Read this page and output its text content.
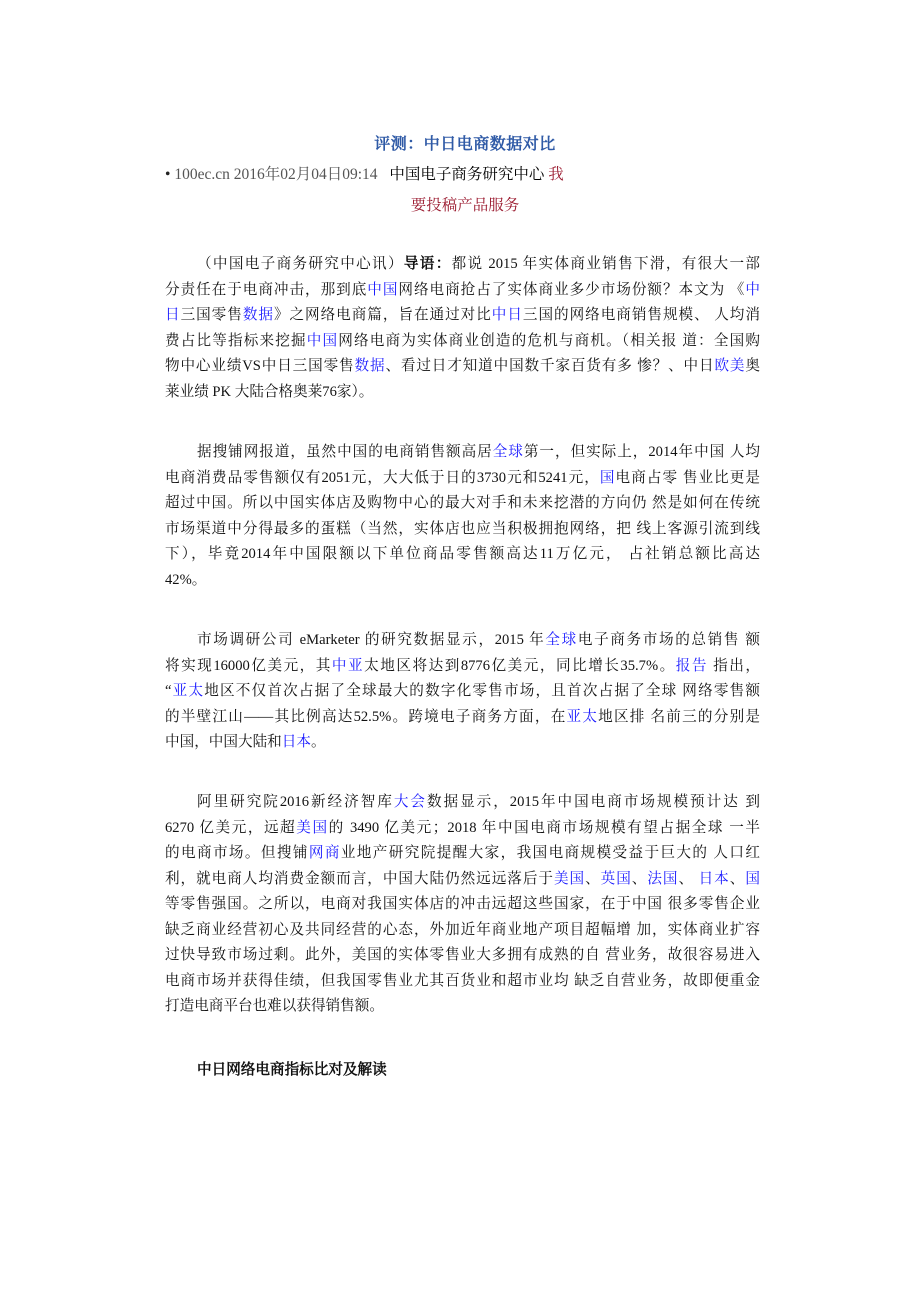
评测：中日电商数据对比
• 100ec.cn 2016年02月04日09:14 中国电子商务研究中心 我
要投稿产品服务
（中国电子商务研究中心讯）导语：都说 2015 年实体商业销售下滑，有很大一部
分责任在于电商冲击，那到底中国网络电商抢占了实体商业多少市场份额？本文为 《中
日三国零售数据》之网络电商篇，旨在通过对比中日三国的网络电商销售规模、 人均消
费占比等指标来挖掘中国网络电商为实体商业创造的危机与商机。（相关报 道：全国购
物中心业绩VS中日三国零售数据、看过日才知道中国数千家百货有多 惨？、中日欧美奥
莱业绩 PK 大陆合格奥莱76家）。
据搜铺网报道，虽然中国的电商销售额高居全球第一，但实际上，2014年中国 人均
电商消费品零售额仅有2051元，大大低于日的3730元和5241元，国电商占零 售业比更是
超过中国。所以中国实体店及购物中心的最大对手和未来挖潜的方向仍 然是如何在传统
市场渠道中分得最多的蛋糕（当然，实体店也应当积极拥抱网络，把 线上客源引流到线
下），毕竟2014年中国限额以下单位商品零售额高达11万亿元， 占社销总额比高达
42%。
市场调研公司 eMarketer 的研究数据显示，2015 年全球电子商务市场的总销售 额
将实现16000亿美元，其中亚太地区将达到8776亿美元，同比增长35.7%。报告 指出，
“亚太地区不仅首次占据了全球最大的数字化零售市场，且首次占据了全球 网络零售额
的半壁江山——其比例高达52.5%。跨境电子商务方面，在亚太地区排 名前三的分别是
中国，中国大陆和日本。
阿里研究院2016新经济智库大会数据显示，2015年中国电商市场规模预计达 到
6270 亿美元，远超美国的 3490 亿美元；2018 年中国电商市场规模有望占据全球 一半
的电商市场。但搜铺网商业地产研究院提醒大家，我国电商规模受益于巨大的 人口红
利，就电商人均消费金额而言，中国大陆仍然远远落后于美国、英国、法国、 日本、国
等零售强国。之所以，电商对我国实体店的冲击远超这些国家，在于中国 很多零售企业
缺乏商业经营初心及共同经营的心态，外加近年商业地产项目超幅增 加，实体商业扩容
过快导致市场过剩。此外，美国的实体零售业大多拥有成熟的自 营业务，故很容易进入
电商市场并获得佳绩，但我国零售业尤其百货业和超市业均 缺乏自营业务，故即便重金
打造电商平台也难以获得销售额。
中日网络电商指标比对及解读
